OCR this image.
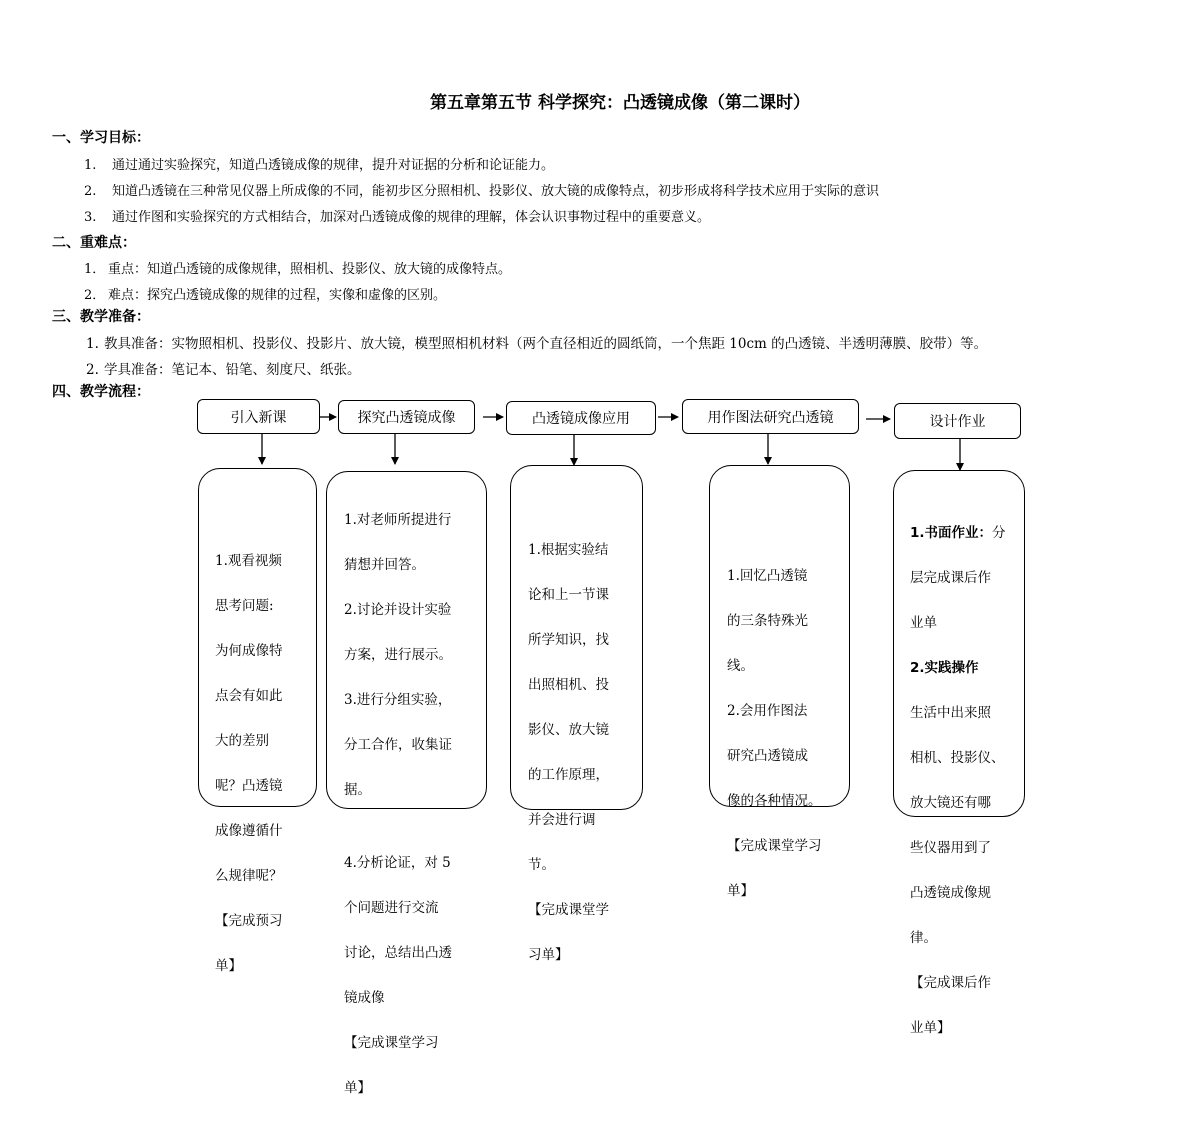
第五章第五节 科学探究：凸透镜成像（第二课时）
一、学习目标：
1. 通过通过实验探究，知道凸透镜成像的规律，提升对证据的分析和论证能力。
2. 知道凸透镜在三种常见仪器上所成像的不同，能初步区分照相机、投影仪、放大镜的成像特点，初步形成将科学技术应用于实际的意识
3. 通过作图和实验探究的方式相结合，加深对凸透镜成像的规律的理解，体会认识事物过程中的重要意义。
二、重难点：
1． 重点：知道凸透镜的成像规律，照相机、投影仪、放大镜的成像特点。
2． 难点：探究凸透镜成像的规律的过程，实像和虚像的区别。
三、教学准备：
1. 教具准备：实物照相机、投影仪、投影片、放大镜，模型照相机材料（两个直径相近的圆纸筒，一个焦距 10cm 的凸透镜、半透明薄膜、胶带）等。
2. 学具准备：笔记本、铅笔、刻度尺、纸张。
四、教学流程：
引入新课	探究凸透镜成像	凸透镜成像应用	用作图法研究凸透镜	设计作业

1.观看视频

思考问题:

为何成像特

点会有如此

大的差别

呢？凸透镜

成像遵循什

么规律呢？

【完成预习

单】

1.对老师所提进行

猜想并回答。

2.讨论并设计实验

方案，进行展示。

3.进行分组实验，

分工合作，收集证

据。

4.分析论证，对 5

个问题进行交流

讨论，总结出凸透

镜成像

【完成课堂学习

单】

1.根据实验结

论和上一节课

所学知识，找

出照相机、投

影仪、放大镜

的工作原理，

并会进行调

节。

【完成课堂学

习单】

1.回忆凸透镜

的三条特殊光

线。

2.会用作图法

研究凸透镜成

像的各种情况。

【完成课堂学习

单】

1.书面作业：分

层完成课后作

业单

2.实践操作

生活中出来照

相机、投影仪、

放大镜还有哪

些仪器用到了

凸透镜成像规

律。

【完成课后作

业单】
